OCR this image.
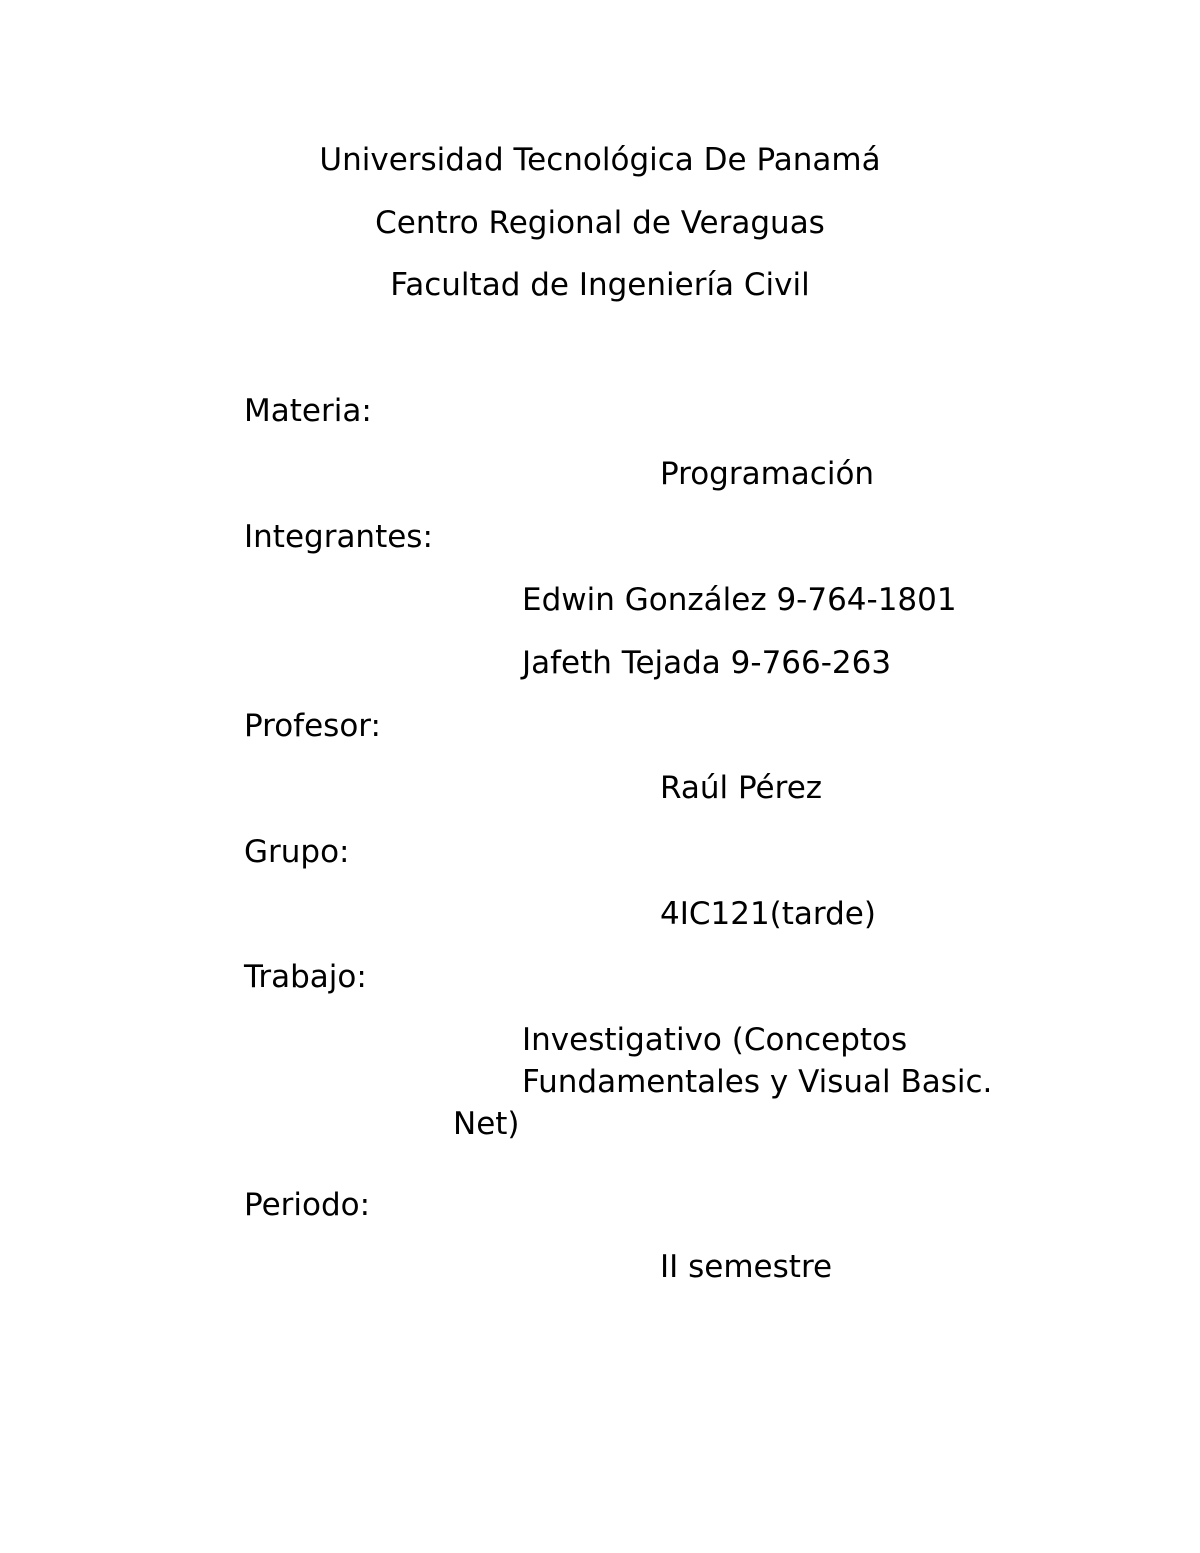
Universidad Tecnológica De Panamá
Centro Regional de Veraguas
Facultad de Ingeniería Civil
Materia:
Programación
Integrantes:
Edwin González 9-764-1801
Jafeth Tejada 9-766-263
Profesor:
Raúl Pérez
Grupo:
4IC121(tarde)
Trabajo:
Investigativo (Conceptos
Fundamentales y Visual Basic.
Net)
Periodo:
II semestre
